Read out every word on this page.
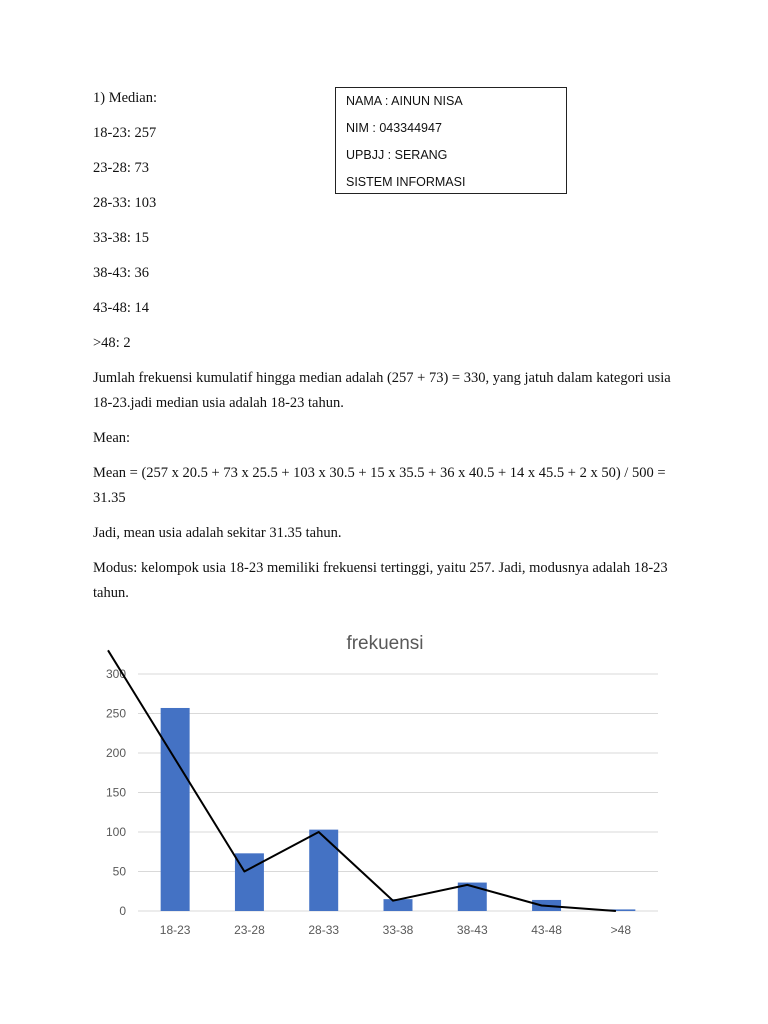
1) Median:

18-23: 257

23-28: 73

28-33: 103

33-38: 15

38-43: 36

43-48: 14

>48: 2

Jumlah frekuensi kumulatif hingga median adalah (257 + 73) = 330, yang jatuh dalam kategori usia 18-23.jadi median usia adalah 18-23 tahun.

Mean:

Mean = (257 x 20.5 + 73 x 25.5 + 103 x 30.5 + 15 x 35.5 + 36 x 40.5 + 14 x 45.5 + 2 x 50) / 500 = 31.35

Jadi, mean usia adalah sekitar 31.35 tahun.

Modus: kelompok usia 18-23 memiliki frekuensi tertinggi, yaitu 257. Jadi, modusnya adalah 18-23 tahun.

NAMA : AINUN NISA
NIM : 043344947
UPBJJ : SERANG
SISTEM INFORMASI
frekuensi
0
50
100
150
200
250
300
18-23	23-28	28-33	33-38	38-43	43-48	>48
